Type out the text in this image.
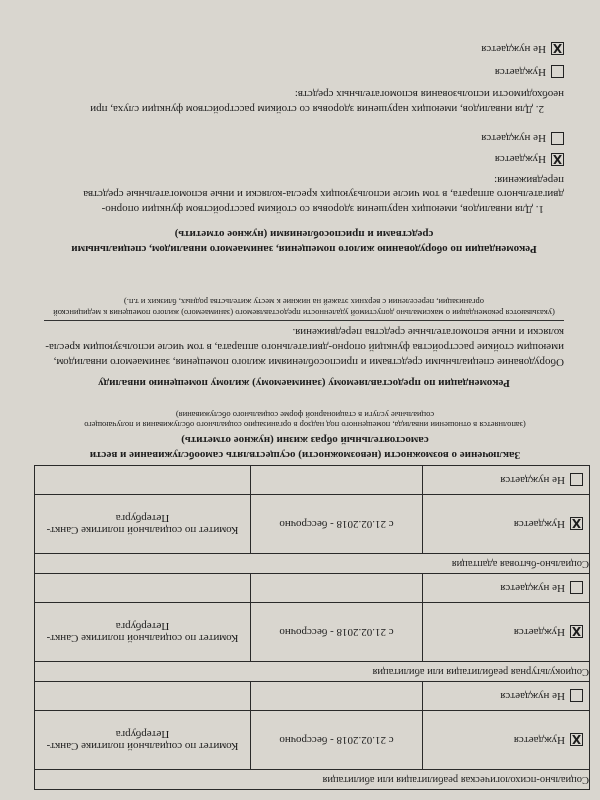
Социально-психологическая реабилитация или абилитация
X
Нуждается
с 21.02.2018 - бессрочно
Комитет по социальной политике Санкт-Петербурга
Не нуждается
Социокультурная реабилитация или абилитация
X
Нуждается
с 21.02.2018 - бессрочно
Комитет по социальной политике Санкт-Петербурга
Не нуждается
Социально-бытовая адаптация
X
Нуждается
с 21.02.2018 - бессрочно
Комитет по социальной политике Санкт-Петербурга
Не нуждается
Заключение о возможности (невозможности) осуществлять самообслуживание и вести самостоятельный образ жизни (нужное отметить)
(заполняется в отношении инвалида, помещенного под надзор в организацию социального обслуживания и получающего социальные услуги в стационарной форме социального обслуживания)
Рекомендации по предоставляемому (занимаемому) жилому помещению инвалиду
Оборудование специальными средствами и приспособлениями жилого помещения, занимаемого инвалидом, имеющим стойкие расстройства функций опорно-двигательного аппарата, в том числе использующим кресла-коляски и иные вспомогательные средства передвижения.
(указываются рекомендации о максимально допустимой удаленности предоставляемого (занимаемого) жилого помещения к медицинской организации, переселении с верхних этажей на нижние к месту жительства родных, близких и т.п.)
Рекомендации по оборудованию жилого помещения, занимаемого инвалидом, специальными средствами и приспособлениями (нужное отметить)
1. Для инвалидов, имеющих нарушения здоровья со стойким расстройством функции опорно-двигательного аппарата, в том числе использующих кресла-коляски и иные вспомогательные средства передвижения:
X
Нуждается
Не нуждается
2. Для инвалидов, имеющих нарушения здоровья со стойким расстройством функции слуха, при необходимости использования вспомогательных средств:
Нуждается
X
Не нуждается
